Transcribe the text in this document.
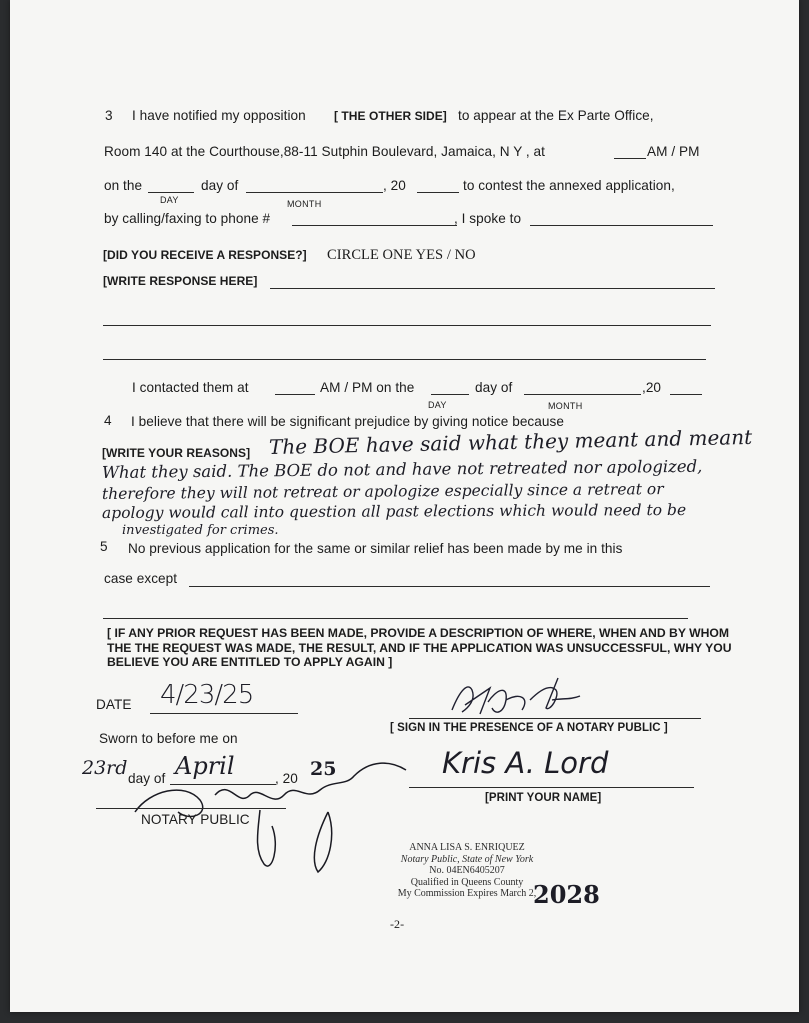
3 I have notified my opposition [ THE OTHER SIDE] to appear at the Ex Parte Office,
Room 140 at the Courthouse,88-11 Sutphin Boulevard, Jamaica, N Y , at	AM / PM
on the	day of	, 20	to contest the annexed application,
DAY	MONTH
by calling/faxing to phone #	, I spoke to
[DID YOU RECEIVE A RESPONSE?] CIRCLE ONE YES / NO
[WRITE RESPONSE HERE]
I contacted them at	AM / PM on the	day of	,20
DAY	MONTH
4 I believe that there will be significant prejudice by giving notice because
[WRITE YOUR REASONS] The BOE have said what they meant and meant
What they said. The BOE do not and have not retreated nor apologized,
therefore they will not retreat or apologize especially since a retreat or
apology would call into question all past elections which would need to be
investigated for crimes.
5 No previous application for the same or similar relief has been made by me in this
case except
[ IF ANY PRIOR REQUEST HAS BEEN MADE, PROVIDE A DESCRIPTION OF WHERE, WHEN AND BY WHOM THE THE REQUEST WAS MADE, THE RESULT, AND IF THE APPLICATION WAS UNSUCCESSFUL, WHY YOU BELIEVE YOU ARE ENTITLED TO APPLY AGAIN ]
DATE 4/23/25
[ SIGN IN THE PRESENCE OF A NOTARY PUBLIC ]
Sworn to before me on
23rd day of April	, 20 25	Kris A. Lord
[PRINT YOUR NAME]
NOTARY PUBLIC
ANNA LISA S. ENRIQUEZ
Notary Public, State of New York
No. 04EN6405207
Qualified in Queens County
My Commission Expires March 2,
2028
-2-
